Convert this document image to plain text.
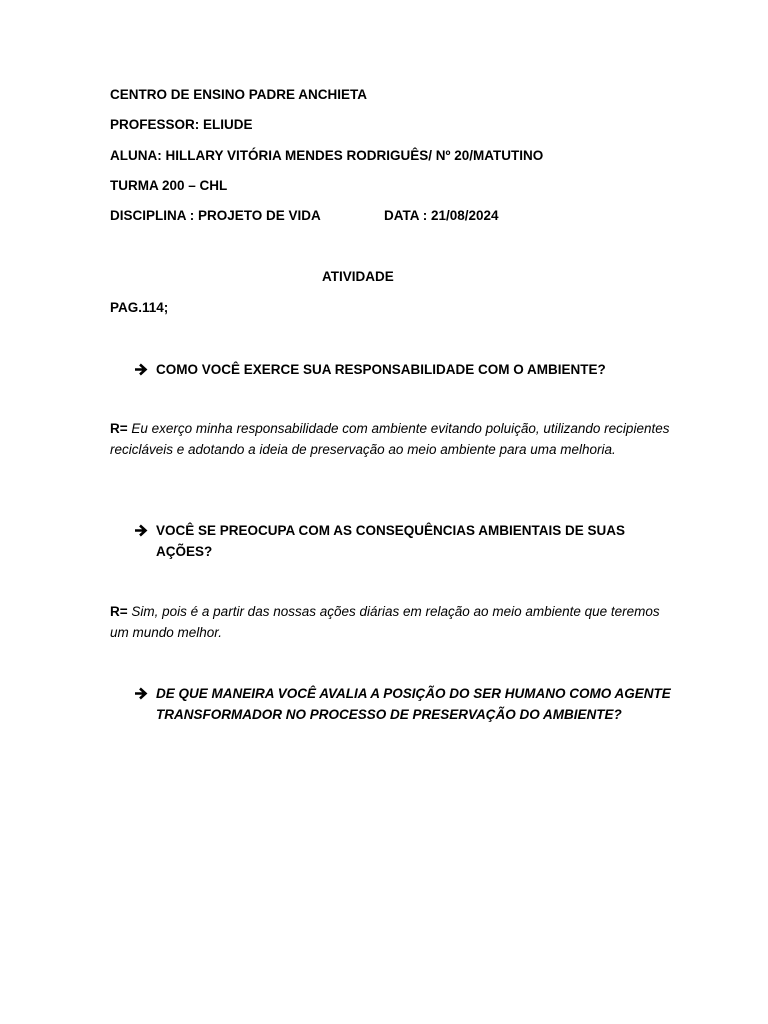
CENTRO DE ENSINO PADRE ANCHIETA
PROFESSOR: ELIUDE
ALUNA: HILLARY VITÓRIA MENDES RODRIGUÊS/ Nº 20/MATUTINO
TURMA 200 – CHL
DISCIPLINA : PROJETO DE VIDA	DATA : 21/08/2024
ATIVIDADE
PAG.114;
COMO VOCÊ EXERCE SUA RESPONSABILIDADE COM O AMBIENTE?
R= Eu exerço minha responsabilidade com ambiente evitando poluição, utilizando recipientes recicláveis e adotando a ideia de preservação ao meio ambiente para uma melhoria.
VOCÊ SE PREOCUPA COM AS CONSEQUÊNCIAS AMBIENTAIS DE SUAS AÇÕES?
R= Sim, pois é a partir das nossas ações diárias em relação ao meio ambiente que teremos um mundo melhor.
DE QUE MANEIRA VOCÊ AVALIA A POSIÇÃO DO SER HUMANO COMO AGENTE TRANSFORMADOR NO PROCESSO DE PRESERVAÇÃO DO AMBIENTE?
